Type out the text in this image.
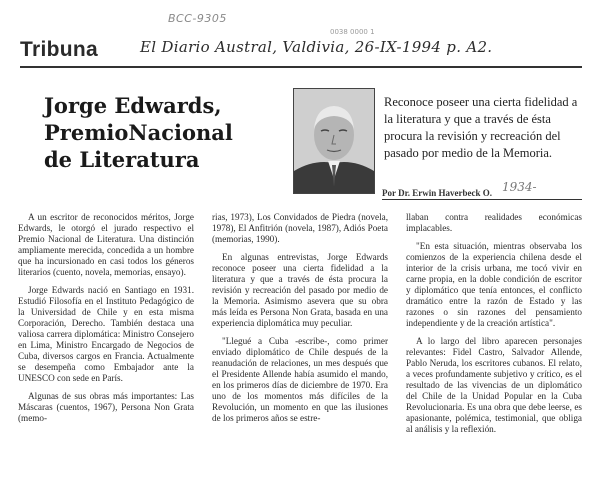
BCC-9305
0038 0000 1
Tribuna	El Diario Austral, Valdivia, 26-IX-1994 p. A2.
Jorge Edwards, PremioNacional de Literatura
Reconoce poseer una cierta fidelidad a la literatura y que a través de ésta procura la revisión y recreación del pasado por medio de la Memoria.
Por Dr. Erwin Haverbeck O. 1934-

A un escritor de reconocidos méritos, Jorge Edwards, le otorgó el jurado respectivo el Premio Nacional de Literatura. Una distinción ampliamente merecida, concedida a un hombre que ha incursionado en casi todos los géneros literarios (cuento, novela, memorias, ensayo).

Jorge Edwards nació en Santiago en 1931. Estudió Filosofía en el Instituto Pedagógico de la Universidad de Chile y en esta misma Corporación, Derecho. También destaca una valiosa carrera diplomática: Ministro Consejero en Lima, Ministro Encargado de Negocios de Cuba, diversos cargos en Francia. Actualmente se desempeña como Embajador ante la UNESCO con sede en París.

Algunas de sus obras más importantes: Las Máscaras (cuentos, 1967), Persona Non Grata (memo-

rias, 1973), Los Convidados de Piedra (novela, 1978), El Anfitrión (novela, 1987), Adiós Poeta (memorias, 1990).

En algunas entrevistas, Jorge Edwards reconoce poseer una cierta fidelidad a la literatura y que a través de ésta procura la revisión y recreación del pasado por medio de la Memoria. Asimismo asevera que su obra más leída es Persona Non Grata, basada en una experiencia diplomática muy peculiar.

"Llegué a Cuba -escribe-, como primer enviado diplomático de Chile después de la reanudación de relaciones, un mes después que el Presidente Allende había asumido el mando, en los primeros días de diciembre de 1970. Era uno de los momentos más difíciles de la Revolución, un momento en que las ilusiones de los primeros años se estre-

llaban contra realidades económicas implacables.

"En esta situación, mientras observaba los comienzos de la experiencia chilena desde el interior de la crisis urbana, me tocó vivir en carne propia, en la doble condición de escritor y diplomático que tenía entonces, el conflicto dramático entre la razón de Estado y las razones o sin razones del pensamiento independiente y de la creación artística".

A lo largo del libro aparecen personajes relevantes: Fidel Castro, Salvador Allende, Pablo Neruda, los escritores cubanos. El relato, a veces profundamente subjetivo y crítico, es el resultado de las vivencias de un diplomático del Chile de la Unidad Popular en la Cuba Revolucionaria. Es una obra que debe leerse, es apasionante, polémica, testimonial, que obliga al análisis y la reflexión.
